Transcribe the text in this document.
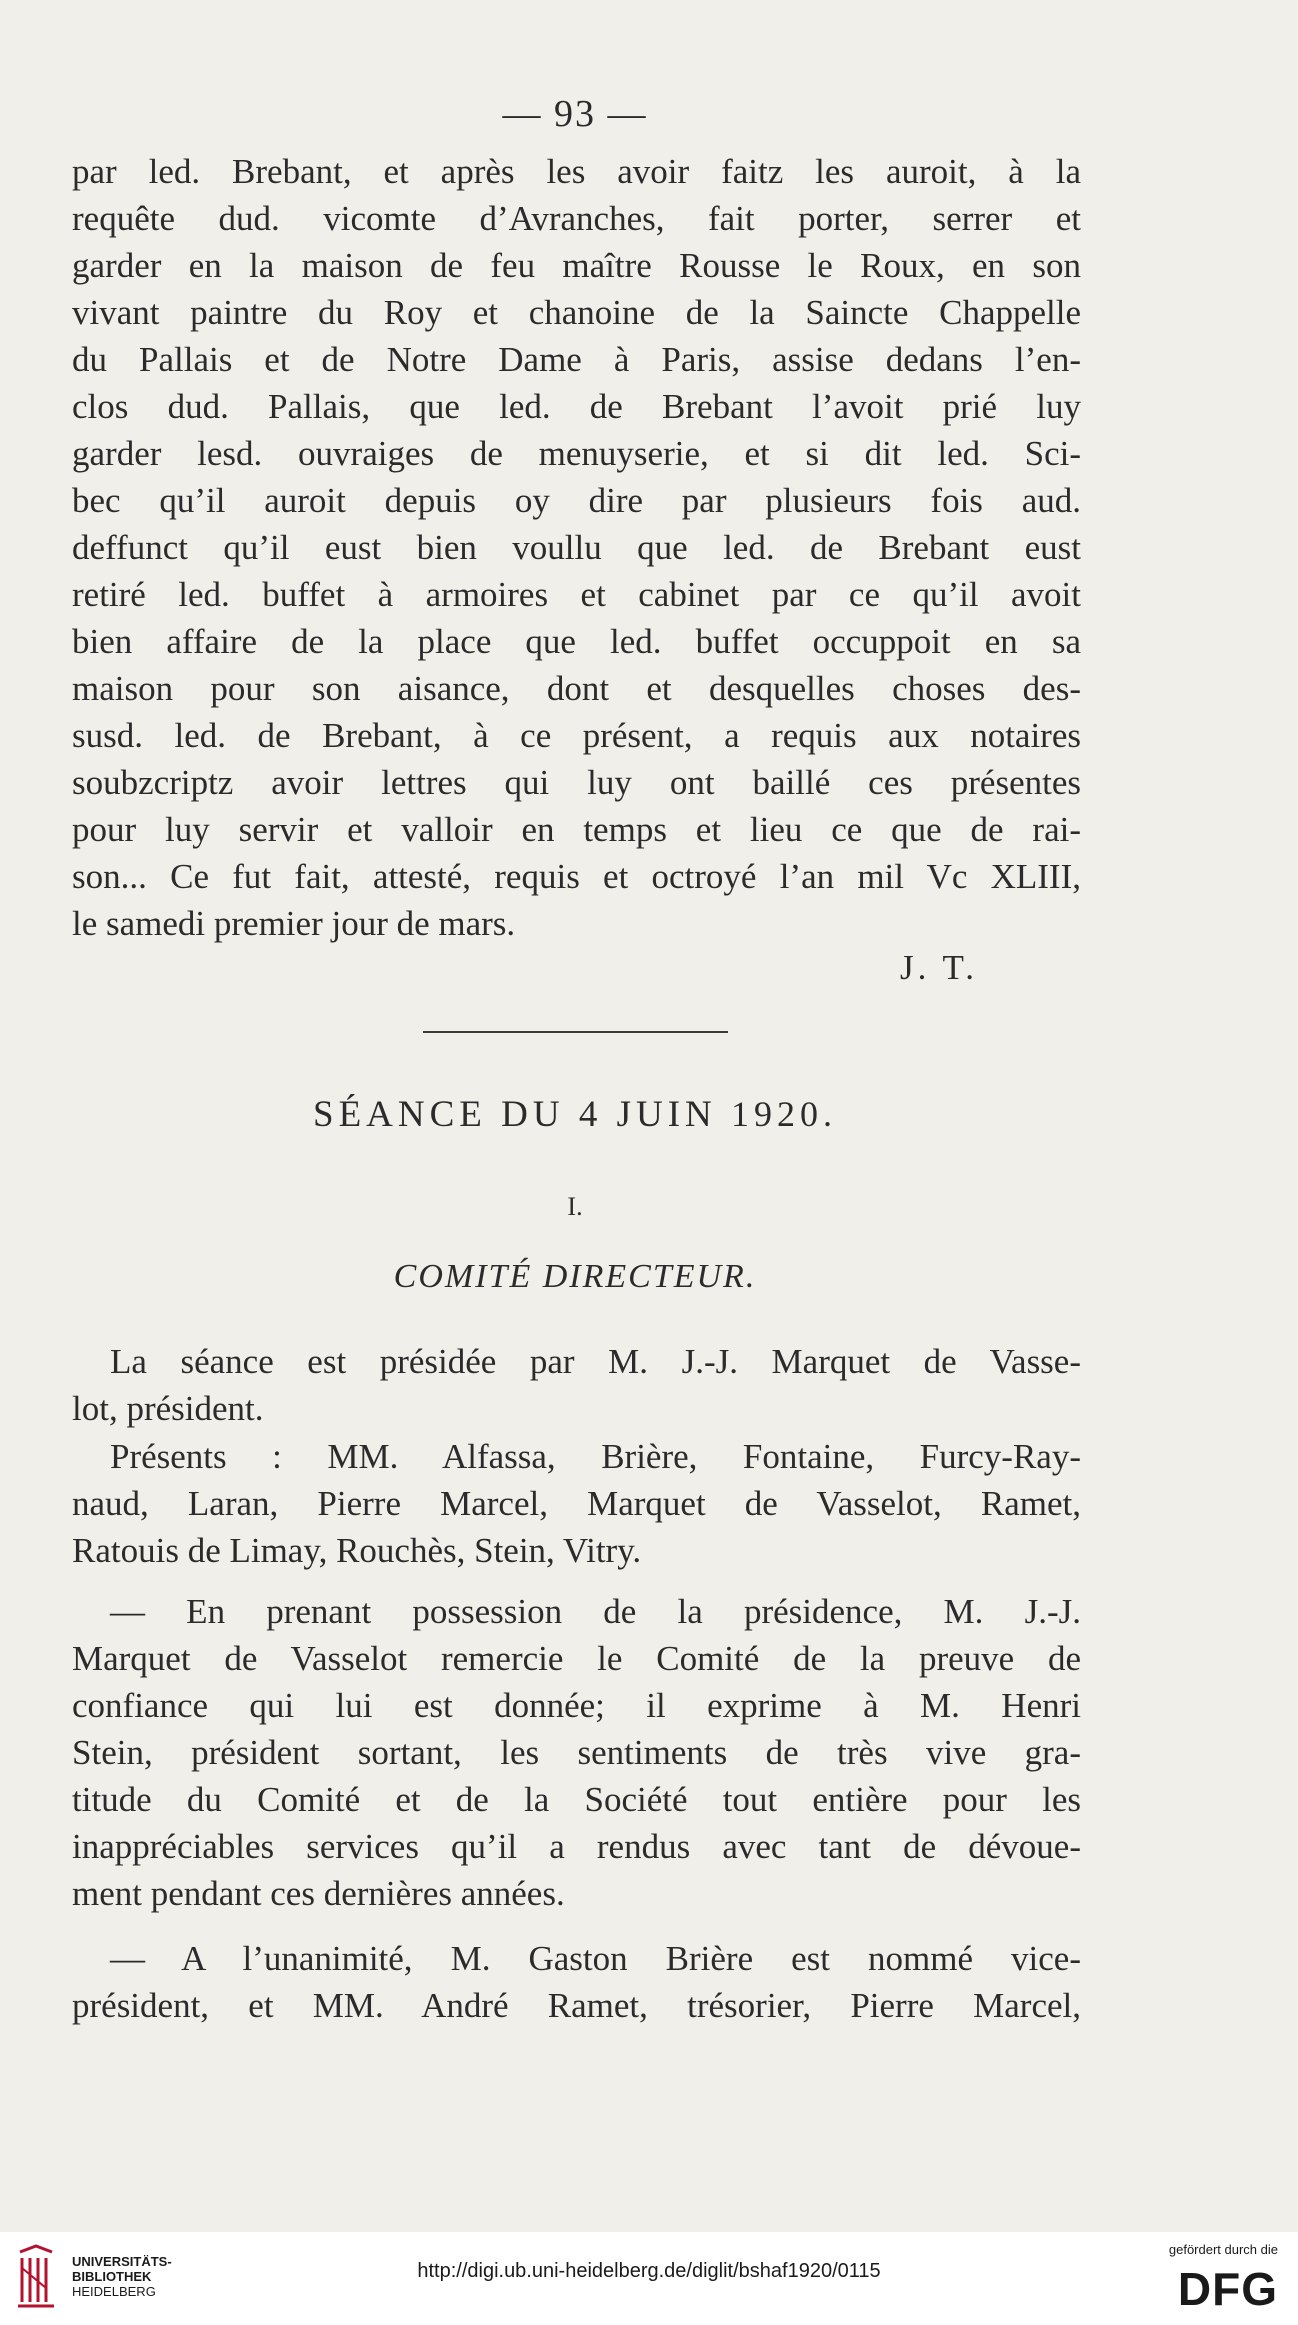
— 93 —
par led. Brebant, et après les avoir faitz les auroit, à la
requête dud. vicomte d’Avranches, fait porter, serrer et
garder en la maison de feu maître Rousse le Roux, en son
vivant paintre du Roy et chanoine de la Saincte Chappelle
du Pallais et de Notre Dame à Paris, assise dedans l’en-
clos dud. Pallais, que led. de Brebant l’avoit prié luy
garder lesd. ouvraiges de menuyserie, et si dit led. Sci-
bec qu’il auroit depuis oy dire par plusieurs fois aud.
deffunct qu’il eust bien voullu que led. de Brebant eust
retiré led. buffet à armoires et cabinet par ce qu’il avoit
bien affaire de la place que led. buffet occuppoit en sa
maison pour son aisance, dont et desquelles choses des-
susd. led. de Brebant, à ce présent, a requis aux notaires
soubzcriptz avoir lettres qui luy ont baillé ces présentes
pour luy servir et valloir en temps et lieu ce que de rai-
son... Ce fut fait, attesté, requis et octroyé l’an mil Vc XLIII,
le samedi premier jour de mars.
J. T.
SÉANCE DU 4 JUIN 1920.
I.
COMITÉ DIRECTEUR.
La séance est présidée par M. J.-J. Marquet de Vasse-
lot, président.
Présents : MM. Alfassa, Brière, Fontaine, Furcy-Ray-
naud, Laran, Pierre Marcel, Marquet de Vasselot, Ramet,
Ratouis de Limay, Rouchès, Stein, Vitry.
— En prenant possession de la présidence, M. J.-J.
Marquet de Vasselot remercie le Comité de la preuve de
confiance qui lui est donnée; il exprime à M. Henri
Stein, président sortant, les sentiments de très vive gra-
titude du Comité et de la Société tout entière pour les
inappréciables services qu’il a rendus avec tant de dévoue-
ment pendant ces dernières années.
— A l’unanimité, M. Gaston Brière est nommé vice-
président, et MM. André Ramet, trésorier, Pierre Marcel,
UNIVERSITÄTS-
BIBLIOTHEK
HEIDELBERG
http://digi.ub.uni-heidelberg.de/diglit/bshaf1920/0115
gefördert durch die
DFG
